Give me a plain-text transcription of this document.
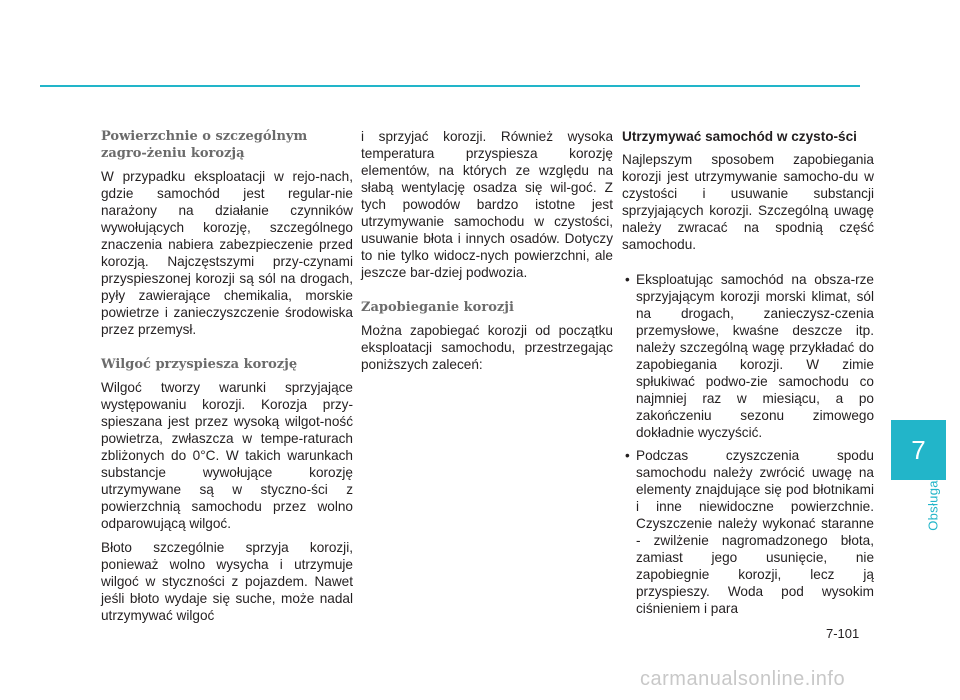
Powierzchnie o szczególnym zagro-żeniu korozją

W przypadku eksploatacji w rejo-nach, gdzie samochód jest regular-nie narażony na działanie czynników wywołujących korozję, szczególnego znaczenia nabiera zabezpieczenie przed korozją. Najczęstszymi przy-czynami przyspieszonej korozji są sól na drogach, pyły zawierające chemikalia, morskie powietrze i zanieczyszczenie środowiska przez przemysł.

Wilgoć przyspiesza korozję

Wilgoć tworzy warunki sprzyjające występowaniu korozji. Korozja przy-spieszana jest przez wysoką wilgot-ność powietrza, zwłaszcza w tempe-raturach zbliżonych do 0°C. W takich warunkach substancje wywołujące korozję utrzymywane są w styczno-ści z powierzchnią samochodu przez wolno odparowującą wilgoć.

Błoto szczególnie sprzyja korozji, ponieważ wolno wysycha i utrzymuje wilgoć w styczności z pojazdem. Nawet jeśli błoto wydaje się suche, może nadal utrzymywać wilgoć

i sprzyjać korozji. Również wysoka temperatura przyspiesza korozję elementów, na których ze względu na słabą wentylację osadza się wil-goć. Z tych powodów bardzo istotne jest utrzymywanie samochodu w czystości, usuwanie błota i innych osadów. Dotyczy to nie tylko widocz-nych powierzchni, ale jeszcze bar-dziej podwozia.

Zapobieganie korozji

Można zapobiegać korozji od początku eksploatacji samochodu, przestrzegając poniższych zaleceń:

Utrzymywać samochód w czysto-ści

Najlepszym sposobem zapobiegania korozji jest utrzymywanie samocho-du w czystości i usuwanie substancji sprzyjających korozji. Szczególną uwagę należy zwracać na spodnią część samochodu.

• Eksploatując samochód na obsza-rze sprzyjającym korozji morski klimat, sól na drogach, zanieczysz-czenia przemysłowe, kwaśne deszcze itp. należy szczególną wagę przykładać do zapobiegania korozji. W zimie spłukiwać podwo-zie samochodu co najmniej raz w miesiącu, a po zakończeniu sezonu zimowego dokładnie wyczyścić.
• Podczas czyszczenia spodu samochodu należy zwrócić uwagę na elementy znajdujące się pod błotnikami i inne niewidoczne powierzchnie. Czyszczenie należy wykonać staranne - zwilżenie nagromadzonego błota, zamiast jego usunięcie, nie zapobiegnie korozji, lecz ją przyspieszy. Woda pod wysokim ciśnieniem i para
Obsługa
7
7-101
carmanualsonline.info
